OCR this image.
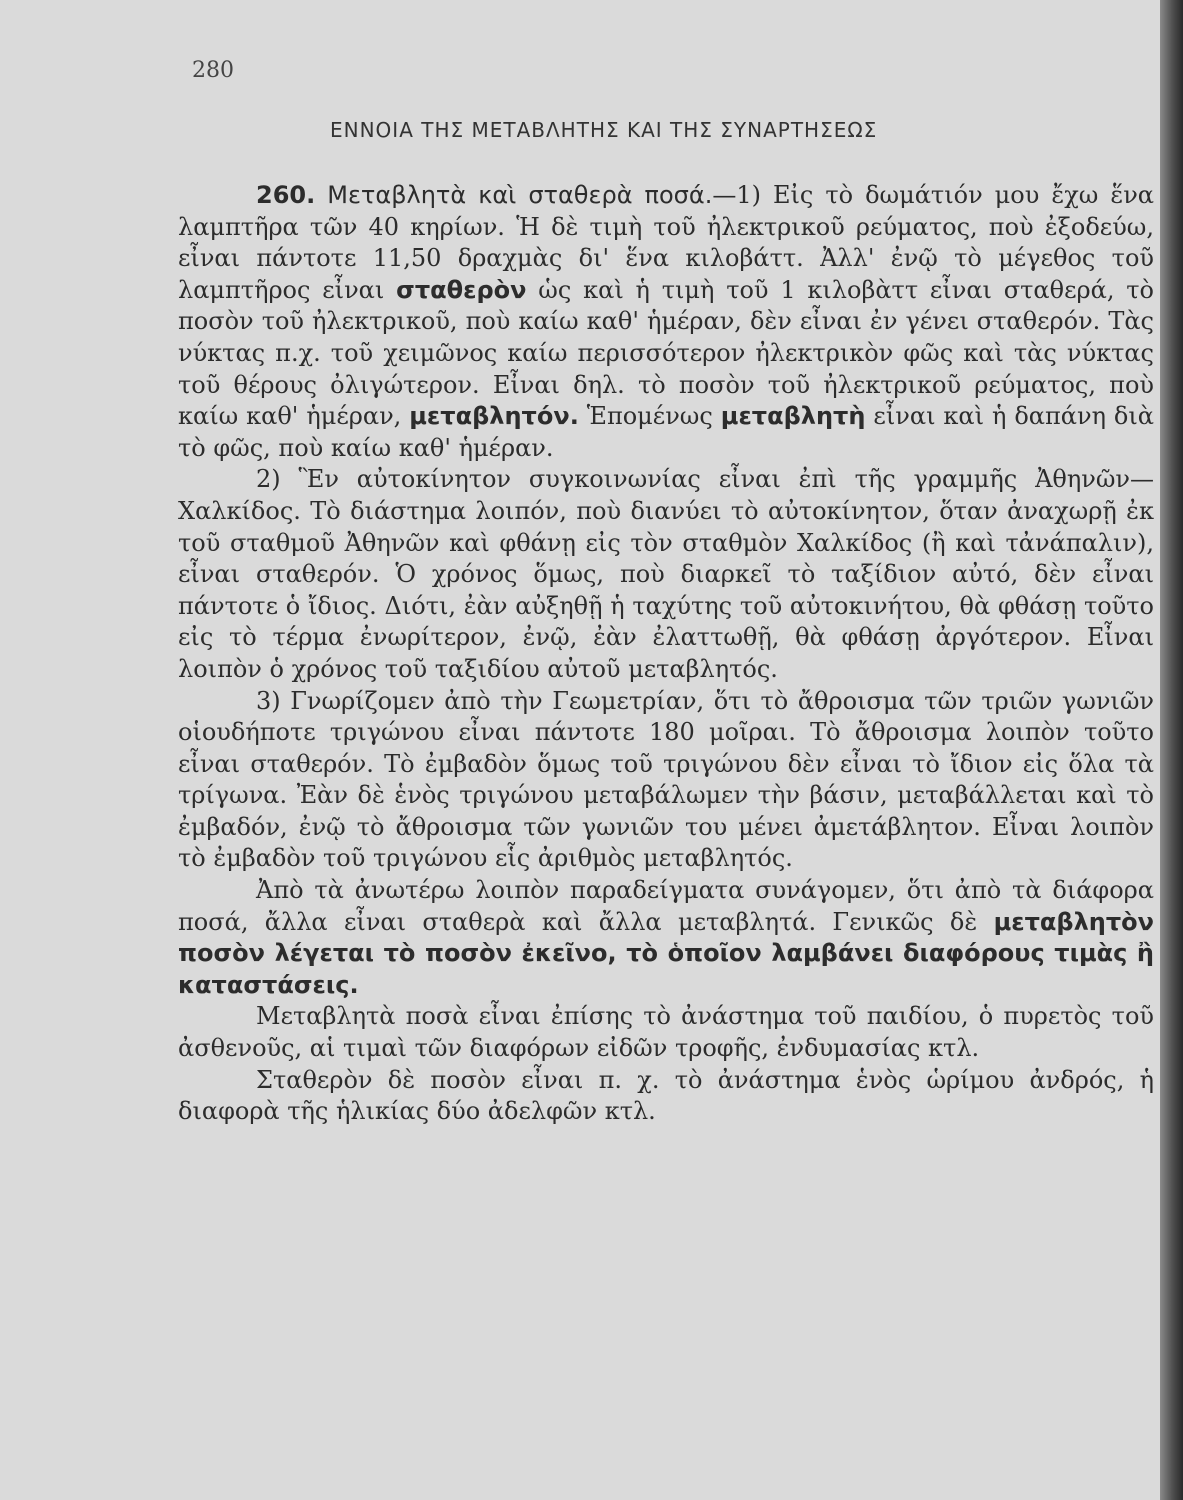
280
ΕΝΝΟΙΑ ΤΗΣ ΜΕΤΑΒΛΗΤΗΣ ΚΑΙ ΤΗΣ ΣΥΝΑΡΤΗΣΕΩΣ

260. Μεταβλητὰ καὶ σταθερὰ ποσά.—1) Εἰς τὸ δωμάτιόν μου ἔχω ἕνα λαμπτῆρα τῶν 40 κηρίων. Ἡ δὲ τιμὴ τοῦ ἠλεκτρικοῦ ρεύματος, ποὺ ἐξοδεύω, εἶναι πάντοτε 11,50 δραχμὰς δι' ἕνα κιλοβάττ. Ἀλλ' ἐνῷ τὸ μέγεθος τοῦ λαμπτῆρος εἶναι σταθερὸν ὡς καὶ ἡ τιμὴ τοῦ 1 κιλοβὰττ εἶναι σταθερά, τὸ ποσὸν τοῦ ἠλεκτρικοῦ, ποὺ καίω καθ' ἡμέραν, δὲν εἶναι ἐν γένει σταθερόν. Τὰς νύκτας π.χ. τοῦ χειμῶνος καίω περισσότερον ἠλεκτρικὸν φῶς καὶ τὰς νύκτας τοῦ θέρους ὀλιγώτερον. Εἶναι δηλ. τὸ ποσὸν τοῦ ἠλεκτρικοῦ ρεύματος, ποὺ καίω καθ' ἡμέραν, μεταβλητόν. Ἑπομένως μεταβλητὴ εἶναι καὶ ἡ δαπάνη διὰ τὸ φῶς, ποὺ καίω καθ' ἡμέραν.

2) Ἓν αὐτοκίνητον συγκοινωνίας εἶναι ἐπὶ τῆς γραμμῆς Ἀθηνῶν—Χαλκίδος. Τὸ διάστημα λοιπόν, ποὺ διανύει τὸ αὐτοκίνητον, ὅταν ἀναχωρῇ ἐκ τοῦ σταθμοῦ Ἀθηνῶν καὶ φθάνῃ εἰς τὸν σταθμὸν Χαλκίδος (ἢ καὶ τἀνάπαλιν), εἶναι σταθερόν. Ὁ χρόνος ὅμως, ποὺ διαρκεῖ τὸ ταξίδιον αὐτό, δὲν εἶναι πάντοτε ὁ ἴδιος. Διότι, ἐὰν αὐξηθῇ ἡ ταχύτης τοῦ αὐτοκινήτου, θὰ φθάσῃ τοῦτο εἰς τὸ τέρμα ἐνωρίτερον, ἐνῷ, ἐὰν ἐλαττωθῇ, θὰ φθάσῃ ἀργότερον. Εἶναι λοιπὸν ὁ χρόνος τοῦ ταξιδίου αὐτοῦ μεταβλητός.

3) Γνωρίζομεν ἀπὸ τὴν Γεωμετρίαν, ὅτι τὸ ἄθροισμα τῶν τριῶν γωνιῶν οἱουδήποτε τριγώνου εἶναι πάντοτε 180 μοῖραι. Τὸ ἄθροισμα λοιπὸν τοῦτο εἶναι σταθερόν. Τὸ ἐμβαδὸν ὅμως τοῦ τριγώνου δὲν εἶναι τὸ ἴδιον εἰς ὅλα τὰ τρίγωνα. Ἐὰν δὲ ἑνὸς τριγώνου μεταβάλωμεν τὴν βάσιν, μεταβάλλεται καὶ τὸ ἐμβαδόν, ἐνῷ τὸ ἄθροισμα τῶν γωνιῶν του μένει ἀμετάβλητον. Εἶναι λοιπὸν τὸ ἐμβαδὸν τοῦ τριγώνου εἷς ἀριθμὸς μεταβλητός.

Ἀπὸ τὰ ἀνωτέρω λοιπὸν παραδείγματα συνάγομεν, ὅτι ἀπὸ τὰ διάφορα ποσά, ἄλλα εἶναι σταθερὰ καὶ ἄλλα μεταβλητά. Γενικῶς δὲ μεταβλητὸν ποσὸν λέγεται τὸ ποσὸν ἐκεῖνο, τὸ ὁποῖον λαμβάνει διαφόρους τιμὰς ἢ καταστάσεις.

Μεταβλητὰ ποσὰ εἶναι ἐπίσης τὸ ἀνάστημα τοῦ παιδίου, ὁ πυρετὸς τοῦ ἀσθενοῦς, αἱ τιμαὶ τῶν διαφόρων εἰδῶν τροφῆς, ἐνδυμασίας κτλ.

Σταθερὸν δὲ ποσὸν εἶναι π. χ. τὸ ἀνάστημα ἑνὸς ὡρίμου ἀνδρός, ἡ διαφορὰ τῆς ἡλικίας δύο ἀδελφῶν κτλ.
